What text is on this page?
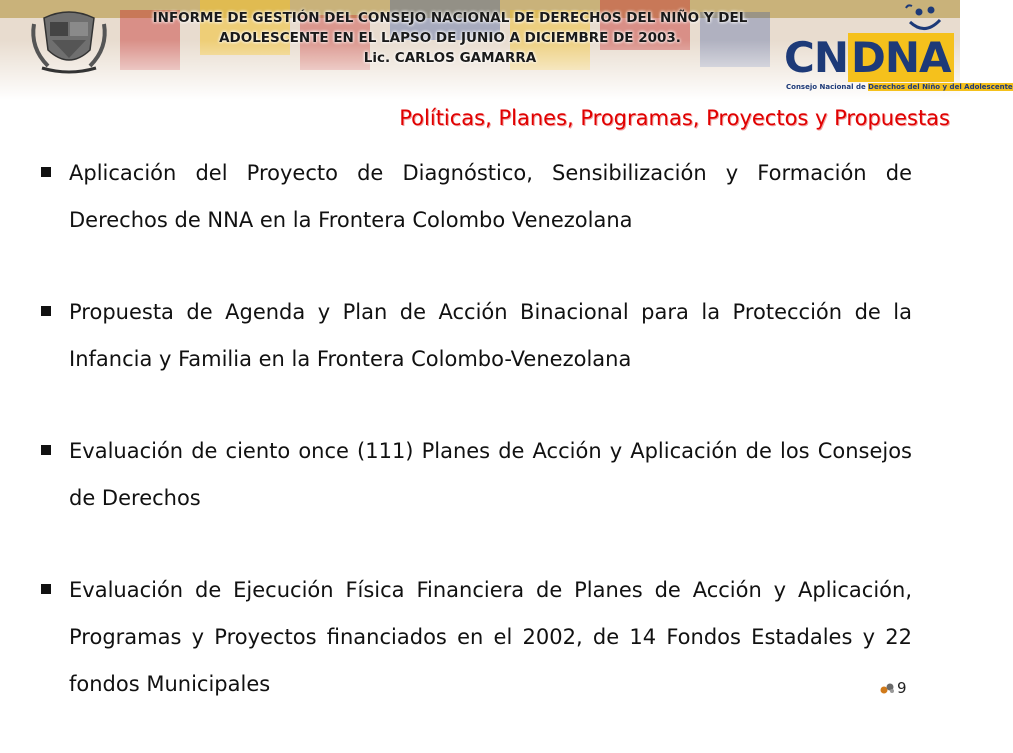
INFORME DE GESTIÓN DEL CONSEJO NACIONAL DE DERECHOS DEL NIÑO Y DEL
ADOLESCENTE EN EL LAPSO DE JUNIO A DICIEMBRE DE 2003.
Lic. CARLOS GAMARRA	CNDNA
Consejo Nacional de Derechos del Niño y del Adolescente
Políticas, Planes, Programas, Proyectos y Propuestas
Aplicación del Proyecto de Diagnóstico, Sensibilización y Formación de Derechos de NNA en la Frontera Colombo Venezolana
Propuesta de Agenda y Plan de Acción Binacional para la Protección de la Infancia y Familia en la Frontera Colombo-Venezolana
Evaluación de ciento once (111) Planes de Acción y Aplicación de los Consejos de Derechos
Evaluación de Ejecución Física Financiera de Planes de Acción y Aplicación, Programas y Proyectos financiados en el 2002, de 14 Fondos Estadales y 22 fondos Municipales	9
